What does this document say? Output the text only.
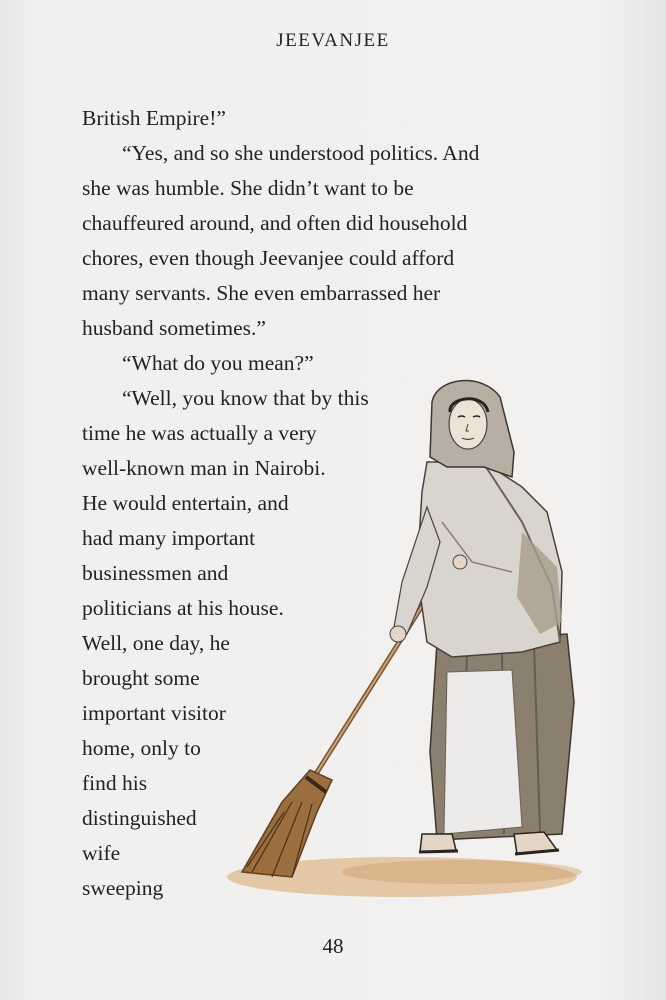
JEEVANJEE
British Empire!”
“Yes, and so she understood politics. And
she was humble. She didn’t want to be
chauffeured around, and often did household
chores, even though Jeevanjee could afford
many servants. She even embarrassed her
husband sometimes.”
“What do you mean?”
“Well, you know that by this
time he was actually a very
well-known man in Nairobi.
He would entertain, and
had many important
businessmen and
politicians at his house.
Well, one day, he
brought some
important visitor
home, only to
find his
distinguished
wife
sweeping
48
